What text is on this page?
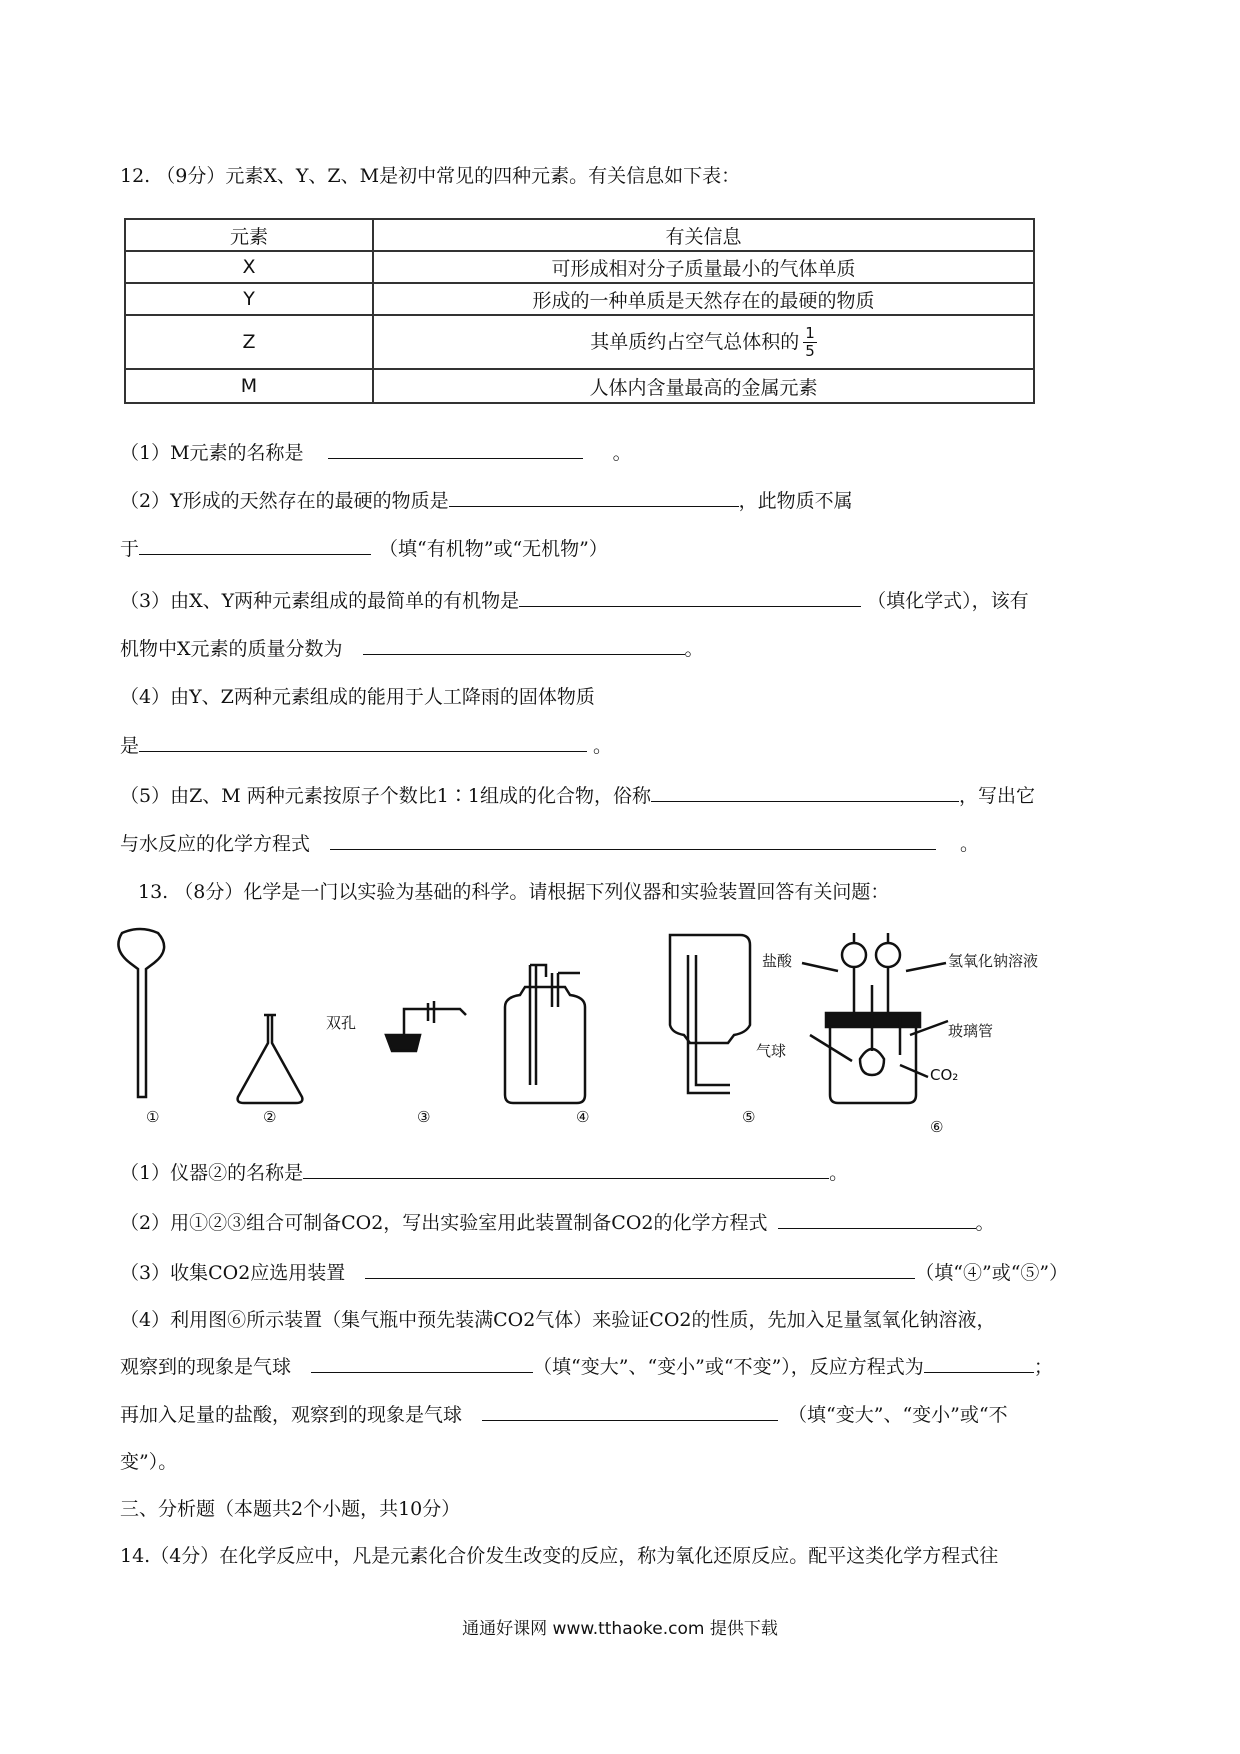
12. （9分）元素X、Y、Z、M是初中常见的四种元素。有关信息如下表：
元素	有关信息
X	可形成相对分子质量最小的气体单质
Y	形成的一种单质是天然存在的最硬的物质
Z	其单质约占空气总体积的 $\frac{1}{5}$

M	人体内含量最高的金属元素
（1）M元素的名称是	。
（2）Y形成的天然存在的最硬的物质是	，此物质不属
于	（填“有机物”或“无机物”）
（3）由X、Y两种元素组成的最简单的有机物是	（填化学式），该有
机物中X元素的质量分数为	。
（4）由Y、Z两种元素组成的能用于人工降雨的固体物质
是	。
（5）由Z、M 两种元素按原子个数比1∶1组成的化合物，俗称	，写出它
与水反应的化学方程式	。
13. （8分）化学是一门以实验为基础的科学。请根据下列仪器和实验装置回答有关问题：
双孔
盐酸	氢氧化钠溶液
玻璃管
气球
CO₂
①	②	③	④	⑤
⑥
（1）仪器②的名称是	。
（2）用①②③组合可制备CO2，写出实验室用此装置制备CO2的化学方程式	。
（3）收集CO2应选用装置	（填“④”或“⑤”）
（4）利用图⑥所示装置（集气瓶中预先装满CO2气体）来验证CO2的性质，先加入足量氢氧化钠溶液，
观察到的现象是气球	（填“变大”、“变小”或“不变”），反应方程式为	；
再加入足量的盐酸，观察到的现象是气球	（填“变大”、“变小”或“不
变”）。
三、分析题（本题共2个小题，共10分）
14.（4分）在化学反应中，凡是元素化合价发生改变的反应，称为氧化还原反应。配平这类化学方程式往
通通好课网 www.tthaoke.com 提供下载
